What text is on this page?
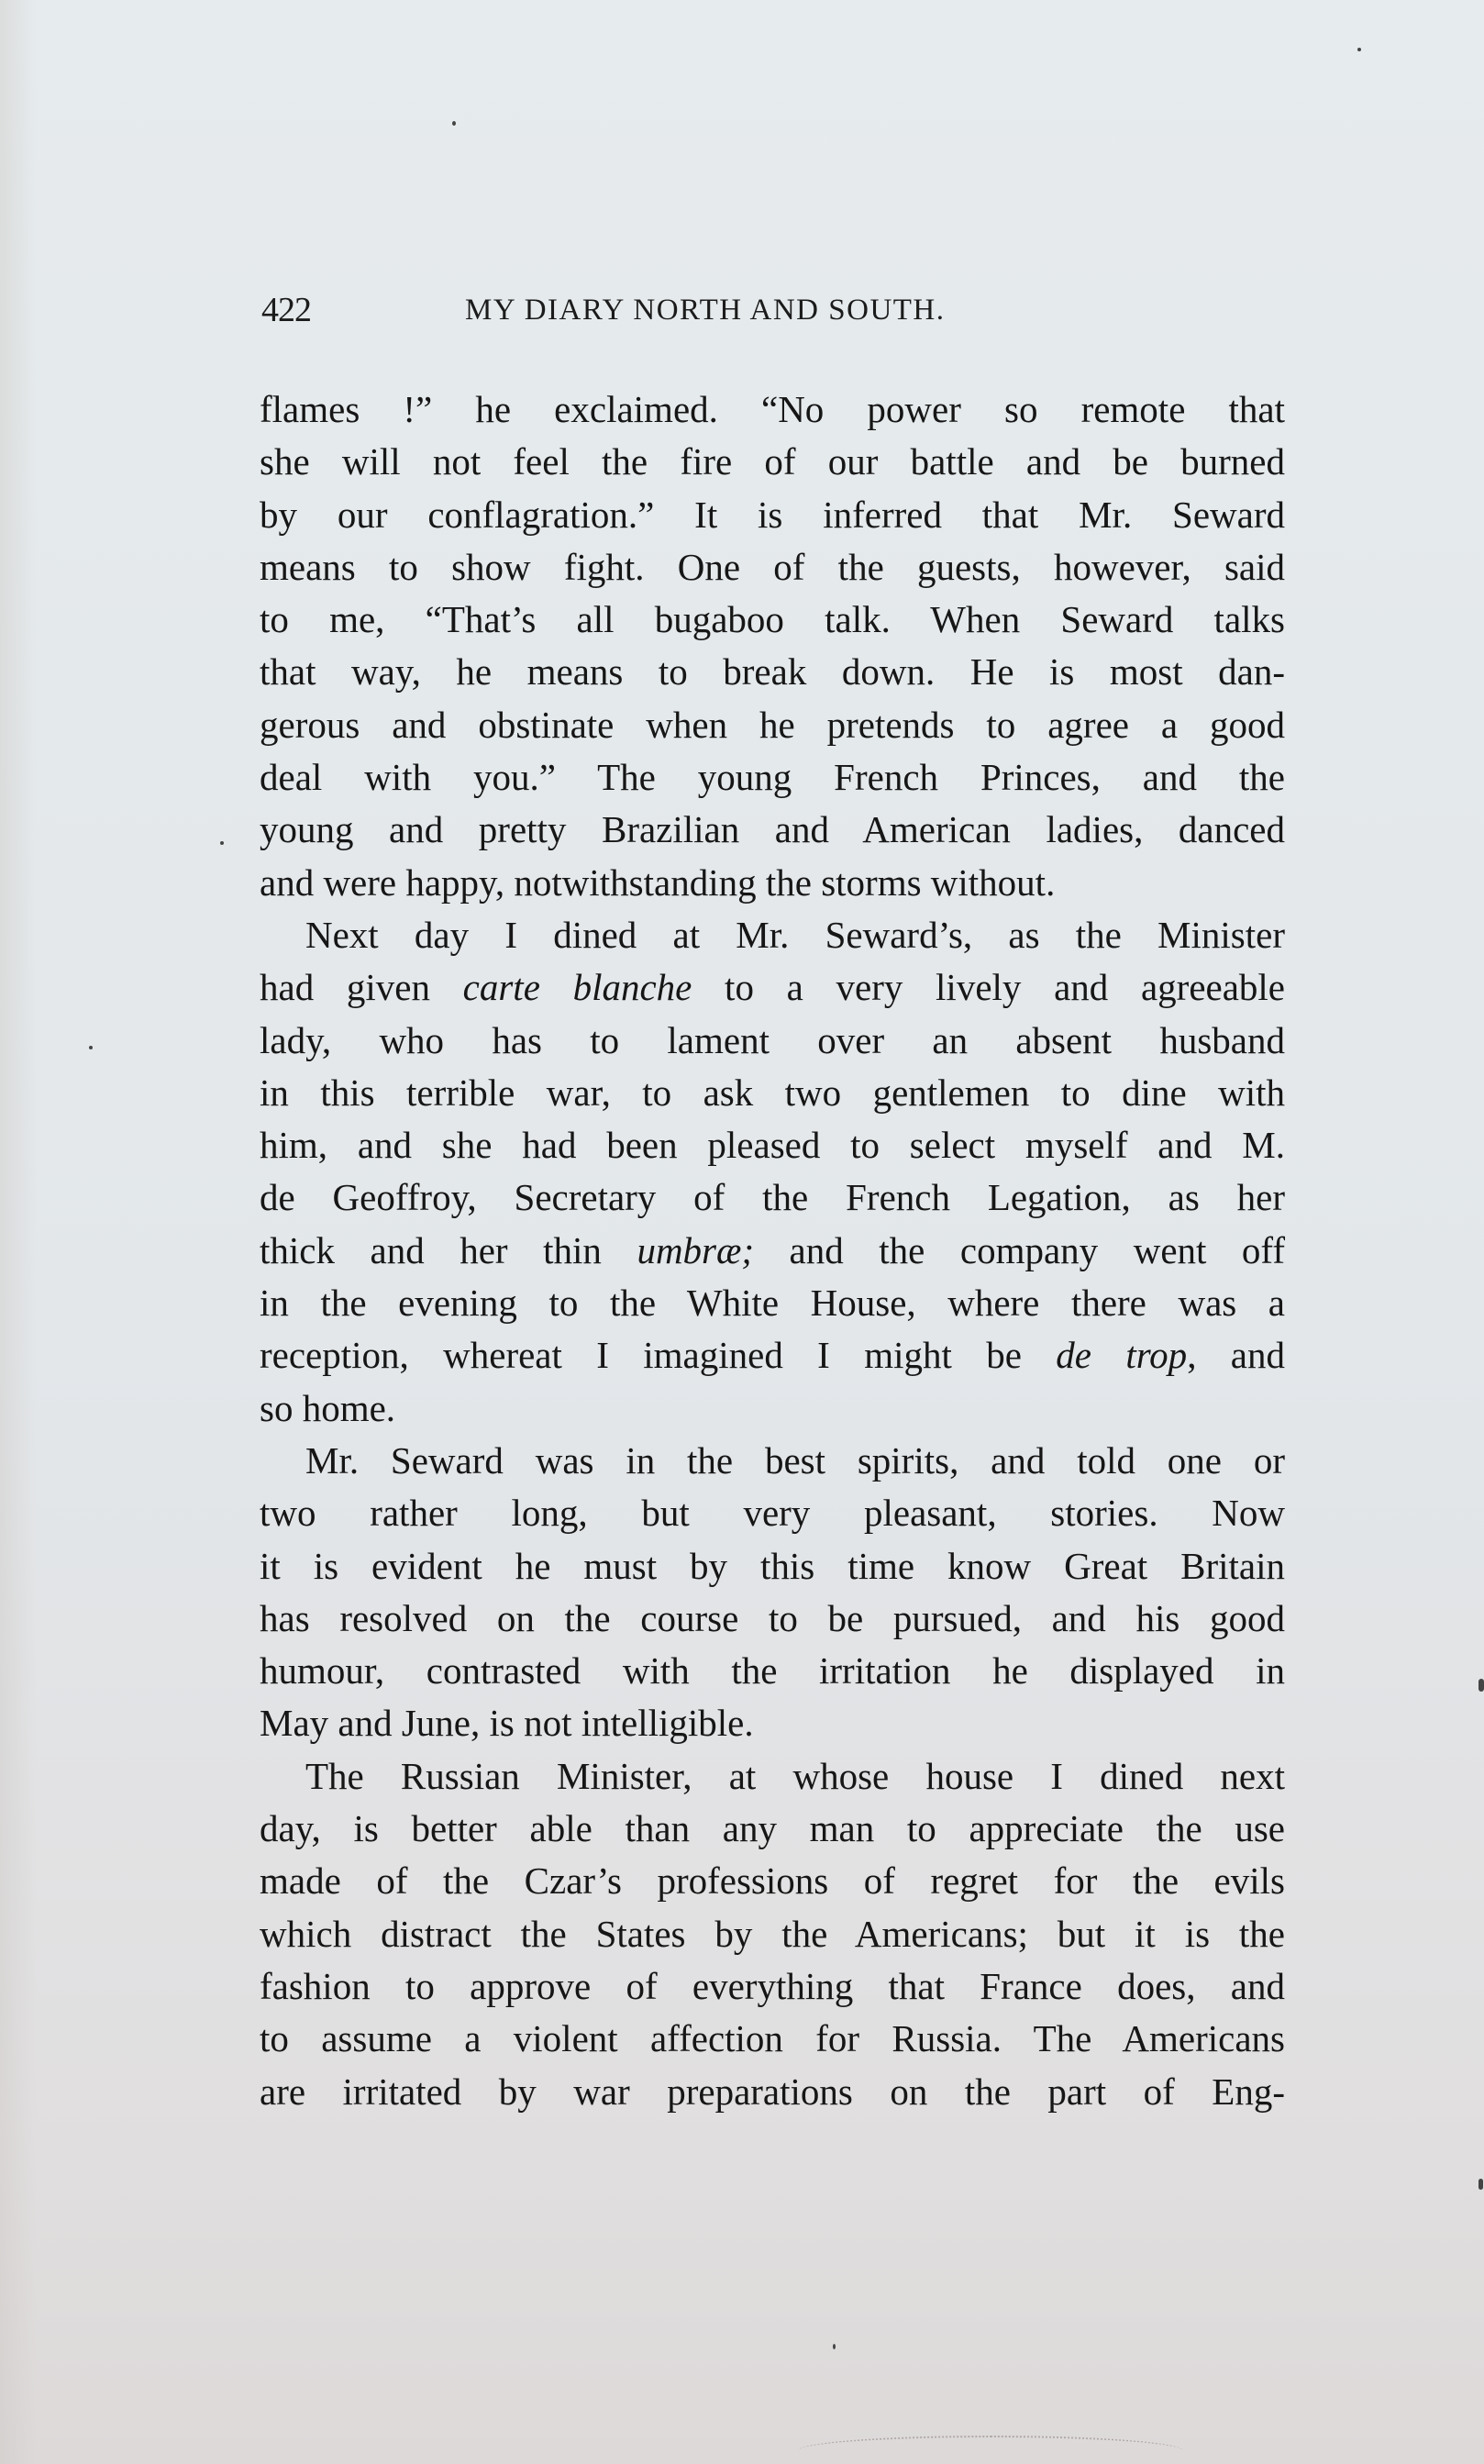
422	MY DIARY NORTH AND SOUTH.
flames !” he exclaimed. “No power so remote that
she will not feel the fire of our battle and be burned
by our conflagration.” It is inferred that Mr. Seward
means to show fight. One of the guests, however, said
to me, “That’s all bugaboo talk. When Seward talks
that way, he means to break down. He is most dan-
gerous and obstinate when he pretends to agree a good
deal with you.” The young French Princes, and the
young and pretty Brazilian and American ladies, danced
and were happy, notwithstanding the storms without.
Next day I dined at Mr. Seward’s, as the Minister
had given carte blanche to a very lively and agreeable
lady, who has to lament over an absent husband
in this terrible war, to ask two gentlemen to dine with
him, and she had been pleased to select myself and M.
de Geoffroy, Secretary of the French Legation, as her
thick and her thin umbræ; and the company went off
in the evening to the White House, where there was a
reception, whereat I imagined I might be de trop, and
so home.
Mr. Seward was in the best spirits, and told one or
two rather long, but very pleasant, stories. Now
it is evident he must by this time know Great Britain
has resolved on the course to be pursued, and his good
humour, contrasted with the irritation he displayed in
May and June, is not intelligible.
The Russian Minister, at whose house I dined next
day, is better able than any man to appreciate the use
made of the Czar’s professions of regret for the evils
which distract the States by the Americans; but it is the
fashion to approve of everything that France does, and
to assume a violent affection for Russia. The Americans
are irritated by war preparations on the part of Eng-
